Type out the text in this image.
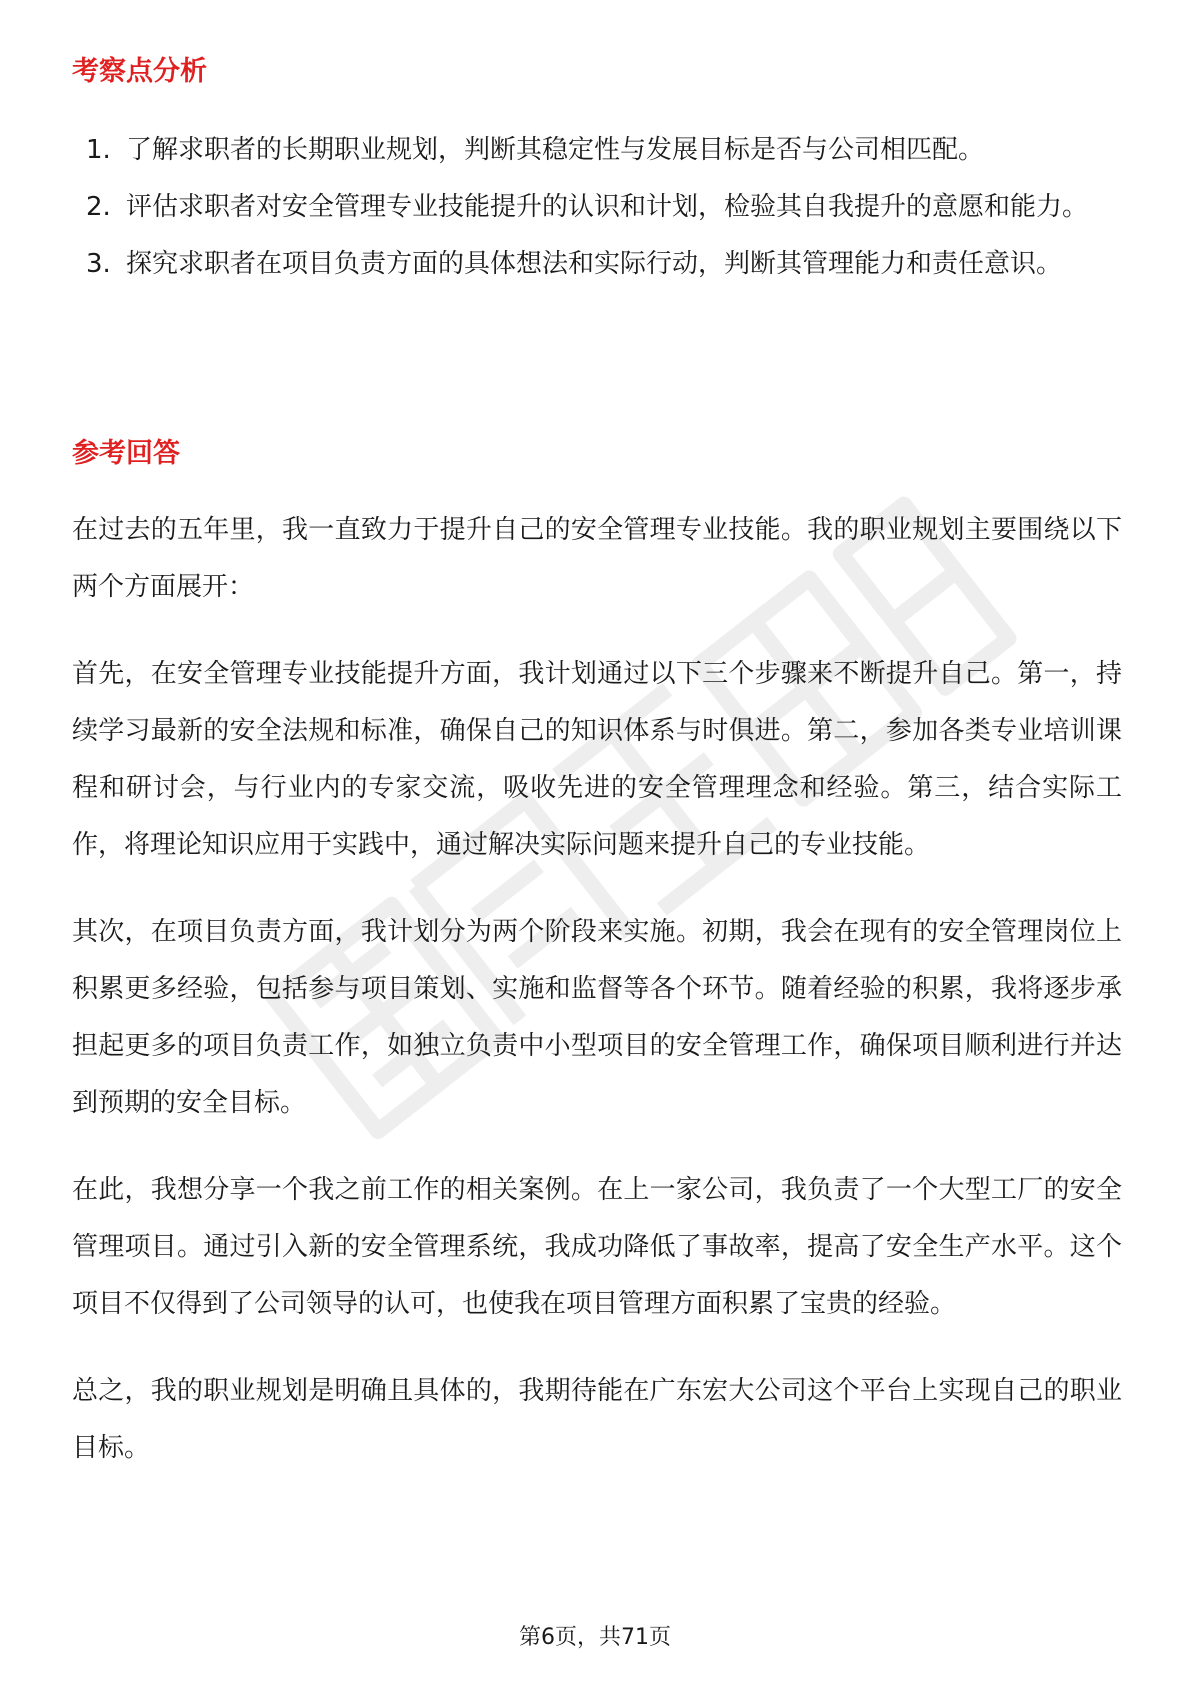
考察点分析
1. 了解求职者的长期职业规划，判断其稳定性与发展目标是否与公司相匹配。
2. 评估求职者对安全管理专业技能提升的认识和计划，检验其自我提升的意愿和能力。
3. 探究求职者在项目负责方面的具体想法和实际行动，判断其管理能力和责任意识。
参考回答

在过去的五年里，我一直致力于提升自己的安全管理专业技能。我的职业规划主要围绕以下两个方面展开：

首先，在安全管理专业技能提升方面，我计划通过以下三个步骤来不断提升自己。第一，持续学习最新的安全法规和标准，确保自己的知识体系与时俱进。第二，参加各类专业培训课程和研讨会，与行业内的专家交流，吸收先进的安全管理理念和经验。第三，结合实际工作，将理论知识应用于实践中，通过解决实际问题来提升自己的专业技能。

其次，在项目负责方面，我计划分为两个阶段来实施。初期，我会在现有的安全管理岗位上积累更多经验，包括参与项目策划、实施和监督等各个环节。随着经验的积累，我将逐步承担起更多的项目负责工作，如独立负责中小型项目的安全管理工作，确保项目顺利进行并达到预期的安全目标。

在此，我想分享一个我之前工作的相关案例。在上一家公司，我负责了一个大型工厂的安全管理项目。通过引入新的安全管理系统，我成功降低了事故率，提高了安全生产水平。这个项目不仅得到了公司领导的认可，也使我在项目管理方面积累了宝贵的经验。

总之，我的职业规划是明确且具体的，我期待能在广东宏大公司这个平台上实现自己的职业目标。

第6页，共71页
